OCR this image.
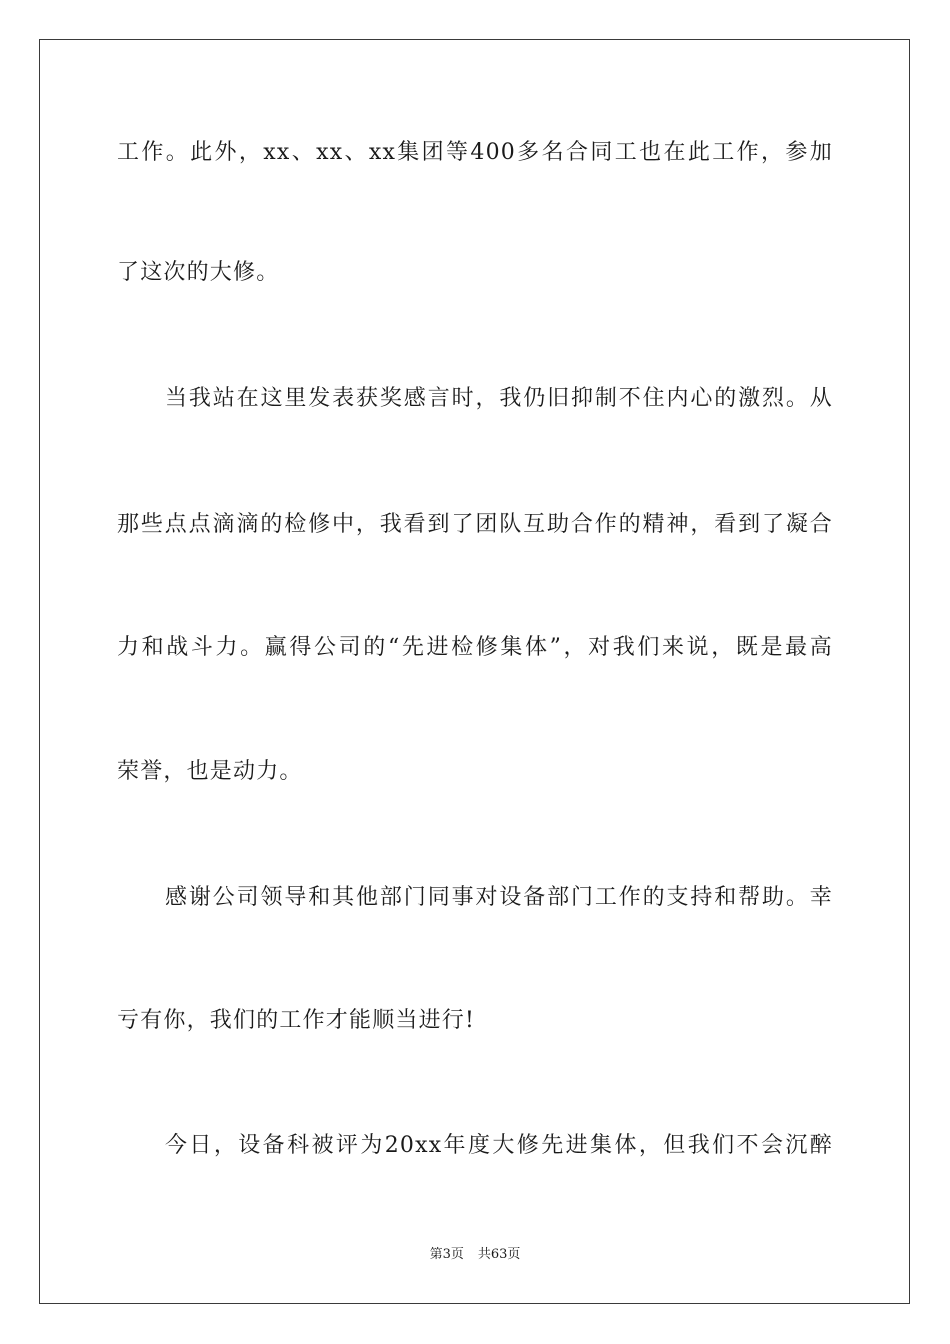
工作。此外，xx、xx、xx集团等400多名合同工也在此工作，参加
了这次的大修。
当我站在这里发表获奖感言时，我仍旧抑制不住内心的激烈。从
那些点点滴滴的检修中，我看到了团队互助合作的精神，看到了凝合
力和战斗力。赢得公司的“先进检修集体”，对我们来说，既是最高
荣誉，也是动力。
感谢公司领导和其他部门同事对设备部门工作的支持和帮助。幸
亏有你，我们的工作才能顺当进行!
今日，设备科被评为20xx年度大修先进集体，但我们不会沉醉
第3页 共63页
